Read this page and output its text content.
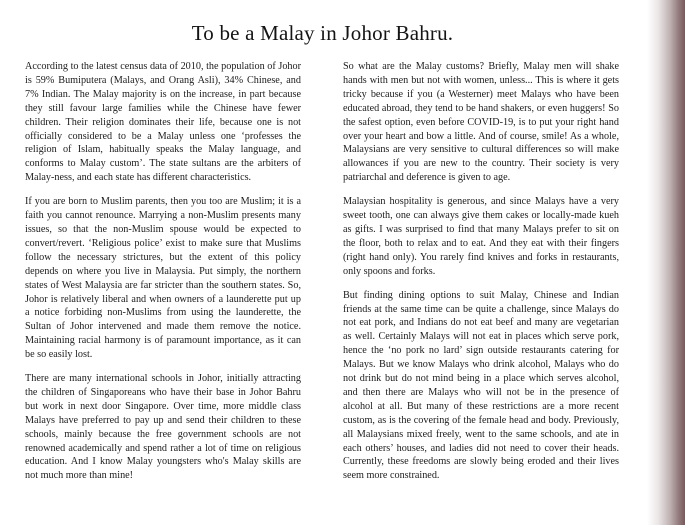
To be a Malay in Johor Bahru.

According to the latest census data of 2010, the population of Johor is 59% Bumiputera (Malays, and Orang Asli), 34% Chinese, and 7% Indian. The Malay majority is on the increase, in part because they still favour large families while the Chinese have fewer children. Their religion dominates their life, because one is not officially considered to be a Malay unless one ‘professes the religion of Islam, habitually speaks the Malay language, and conforms to Malay custom’. The state sultans are the arbiters of Malay-ness, and each state has different characteristics.

If you are born to Muslim parents, then you too are Muslim; it is a faith you cannot renounce. Marrying a non-Muslim presents many issues, so that the non-Muslim spouse would be expected to convert/revert. ‘Religious police’ exist to make sure that Muslims follow the necessary strictures, but the extent of this policy depends on where you live in Malaysia. Put simply, the northern states of West Malaysia are far stricter than the southern states. So, Johor is relatively liberal and when owners of a launderette put up a notice forbiding non-Muslims from using the launderette, the Sultan of Johor intervened and made them remove the notice. Maintaining racial harmony is of paramount importance, as it can be so easily lost.

There are many international schools in Johor, initially attracting the children of Singaporeans who have their base in Johor Bahru but work in next door Singapore. Over time, more middle class Malays have preferred to pay up and send their children to these schools, mainly because the free government schools are not renowned academically and spend rather a lot of time on religious education. And I know Malay youngsters who's Malay skills are not much more than mine!

So what are the Malay customs? Briefly, Malay men will shake hands with men but not with women, unless... This is where it gets tricky because if you (a Westerner) meet Malays who have been educated abroad, they tend to be hand shakers, or even huggers! So the safest option, even before COVID-19, is to put your right hand over your heart and bow a little. And of course, smile! As a whole, Malaysians are very sensitive to cultural differences so will make allowances if you are new to the country. Their society is very patriarchal and deference is given to age.

Malaysian hospitality is generous, and since Malays have a very sweet tooth, one can always give them cakes or locally-made kueh as gifts. I was surprised to find that many Malays prefer to sit on the floor, both to relax and to eat. And they eat with their fingers (right hand only). You rarely find knives and forks in restaurants, only spoons and forks.

But finding dining options to suit Malay, Chinese and Indian friends at the same time can be quite a challenge, since Malays do not eat pork, and Indians do not eat beef and many are vegetarian as well. Certainly Malays will not eat in places which serve pork, hence the ‘no pork no lard’ sign outside restaurants catering for Malays. But we know Malays who drink alcohol, Malays who do not drink but do not mind being in a place which serves alcohol, and then there are Malays who will not be in the presence of alcohol at all. But many of these restrictions are a more recent custom, as is the covering of the female head and body. Previously, all Malaysians mixed freely, went to the same schools, and ate in each others’ houses, and ladies did not need to cover their heads. Currently, these freedoms are slowly being eroded and their lives seem more constrained.
